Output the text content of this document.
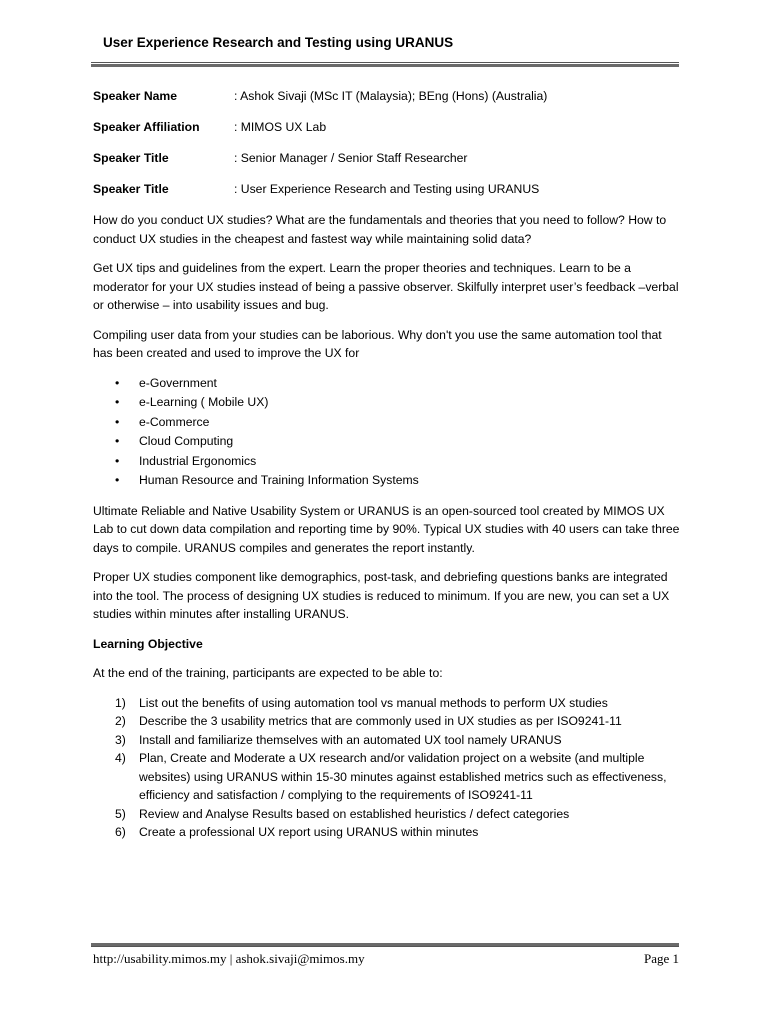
User Experience Research and Testing using URANUS
Speaker Name	: Ashok Sivaji (MSc IT (Malaysia); BEng (Hons) (Australia)
Speaker Affiliation	: MIMOS UX Lab
Speaker Title	: Senior Manager / Senior Staff Researcher
Speaker Title	: User Experience Research and Testing using URANUS

How do you conduct UX studies? What are the fundamentals and theories that you need to follow? How to conduct UX studies in the cheapest and fastest way while maintaining solid data?

Get UX tips and guidelines from the expert. Learn the proper theories and techniques. Learn to be a moderator for your UX studies instead of being a passive observer. Skilfully interpret user’s feedback –verbal or otherwise – into usability issues and bug.

Compiling user data from your studies can be laborious. Why don't you use the same automation tool that has been created and used to improve the UX for

• e-Government
• e-Learning ( Mobile UX)
• e-Commerce
• Cloud Computing
• Industrial Ergonomics
• Human Resource and Training Information Systems

Ultimate Reliable and Native Usability System or URANUS is an open-sourced tool created by MIMOS UX Lab to cut down data compilation and reporting time by 90%. Typical UX studies with 40 users can take three days to compile. URANUS compiles and generates the report instantly.

Proper UX studies component like demographics, post-task, and debriefing questions banks are integrated into the tool. The process of designing UX studies is reduced to minimum. If you are new, you can set a UX studies within minutes after installing URANUS.

Learning Objective

At the end of the training, participants are expected to be able to:

1)	List out the benefits of using automation tool vs manual methods to perform UX studies
2)	Describe the 3 usability metrics that are commonly used in UX studies as per ISO9241-11
3)	Install and familiarize themselves with an automated UX tool namely URANUS
4)	Plan, Create and Moderate a UX research and/or validation project on a website (and multiple websites) using URANUS within 15-30 minutes against established metrics such as effectiveness, efficiency and satisfaction / complying to the requirements of ISO9241-11
5)	Review and Analyse Results based on established heuristics / defect categories
6)	Create a professional UX report using URANUS within minutes
http://usability.mimos.my | ashok.sivaji@mimos.my	Page 1
